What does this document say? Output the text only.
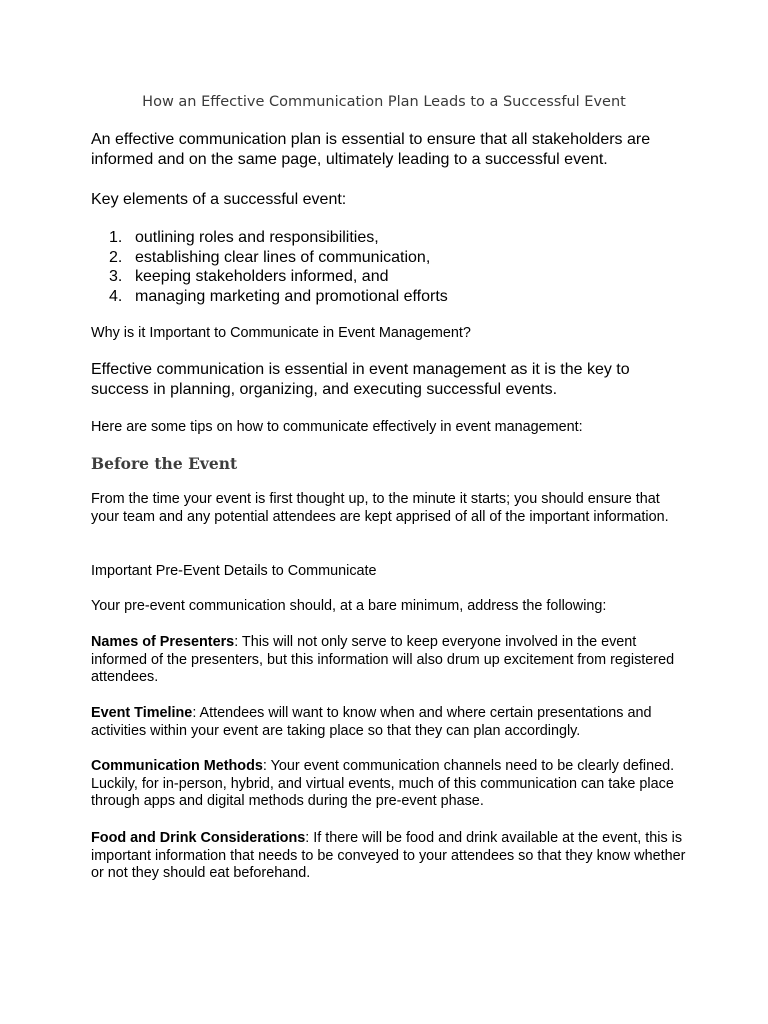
How an Effective Communication Plan Leads to a Successful Event

An effective communication plan is essential to ensure that all stakeholders are informed and on the same page, ultimately leading to a successful event.

Key elements of a successful event:

1. outlining roles and responsibilities,
2. establishing clear lines of communication,
3. keeping stakeholders informed, and
4. managing marketing and promotional efforts

Why is it Important to Communicate in Event Management?

Effective communication is essential in event management as it is the key to success in planning, organizing, and executing successful events.

Here are some tips on how to communicate effectively in event management:

Before the Event

From the time your event is first thought up, to the minute it starts; you should ensure that your team and any potential attendees are kept apprised of all of the important information.

Important Pre-Event Details to Communicate

Your pre-event communication should, at a bare minimum, address the following:

Names of Presenters: This will not only serve to keep everyone involved in the event informed of the presenters, but this information will also drum up excitement from registered attendees.

Event Timeline: Attendees will want to know when and where certain presentations and activities within your event are taking place so that they can plan accordingly.

Communication Methods: Your event communication channels need to be clearly defined. Luckily, for in-person, hybrid, and virtual events, much of this communication can take place through apps and digital methods during the pre-event phase.

Food and Drink Considerations: If there will be food and drink available at the event, this is important information that needs to be conveyed to your attendees so that they know whether or not they should eat beforehand.
